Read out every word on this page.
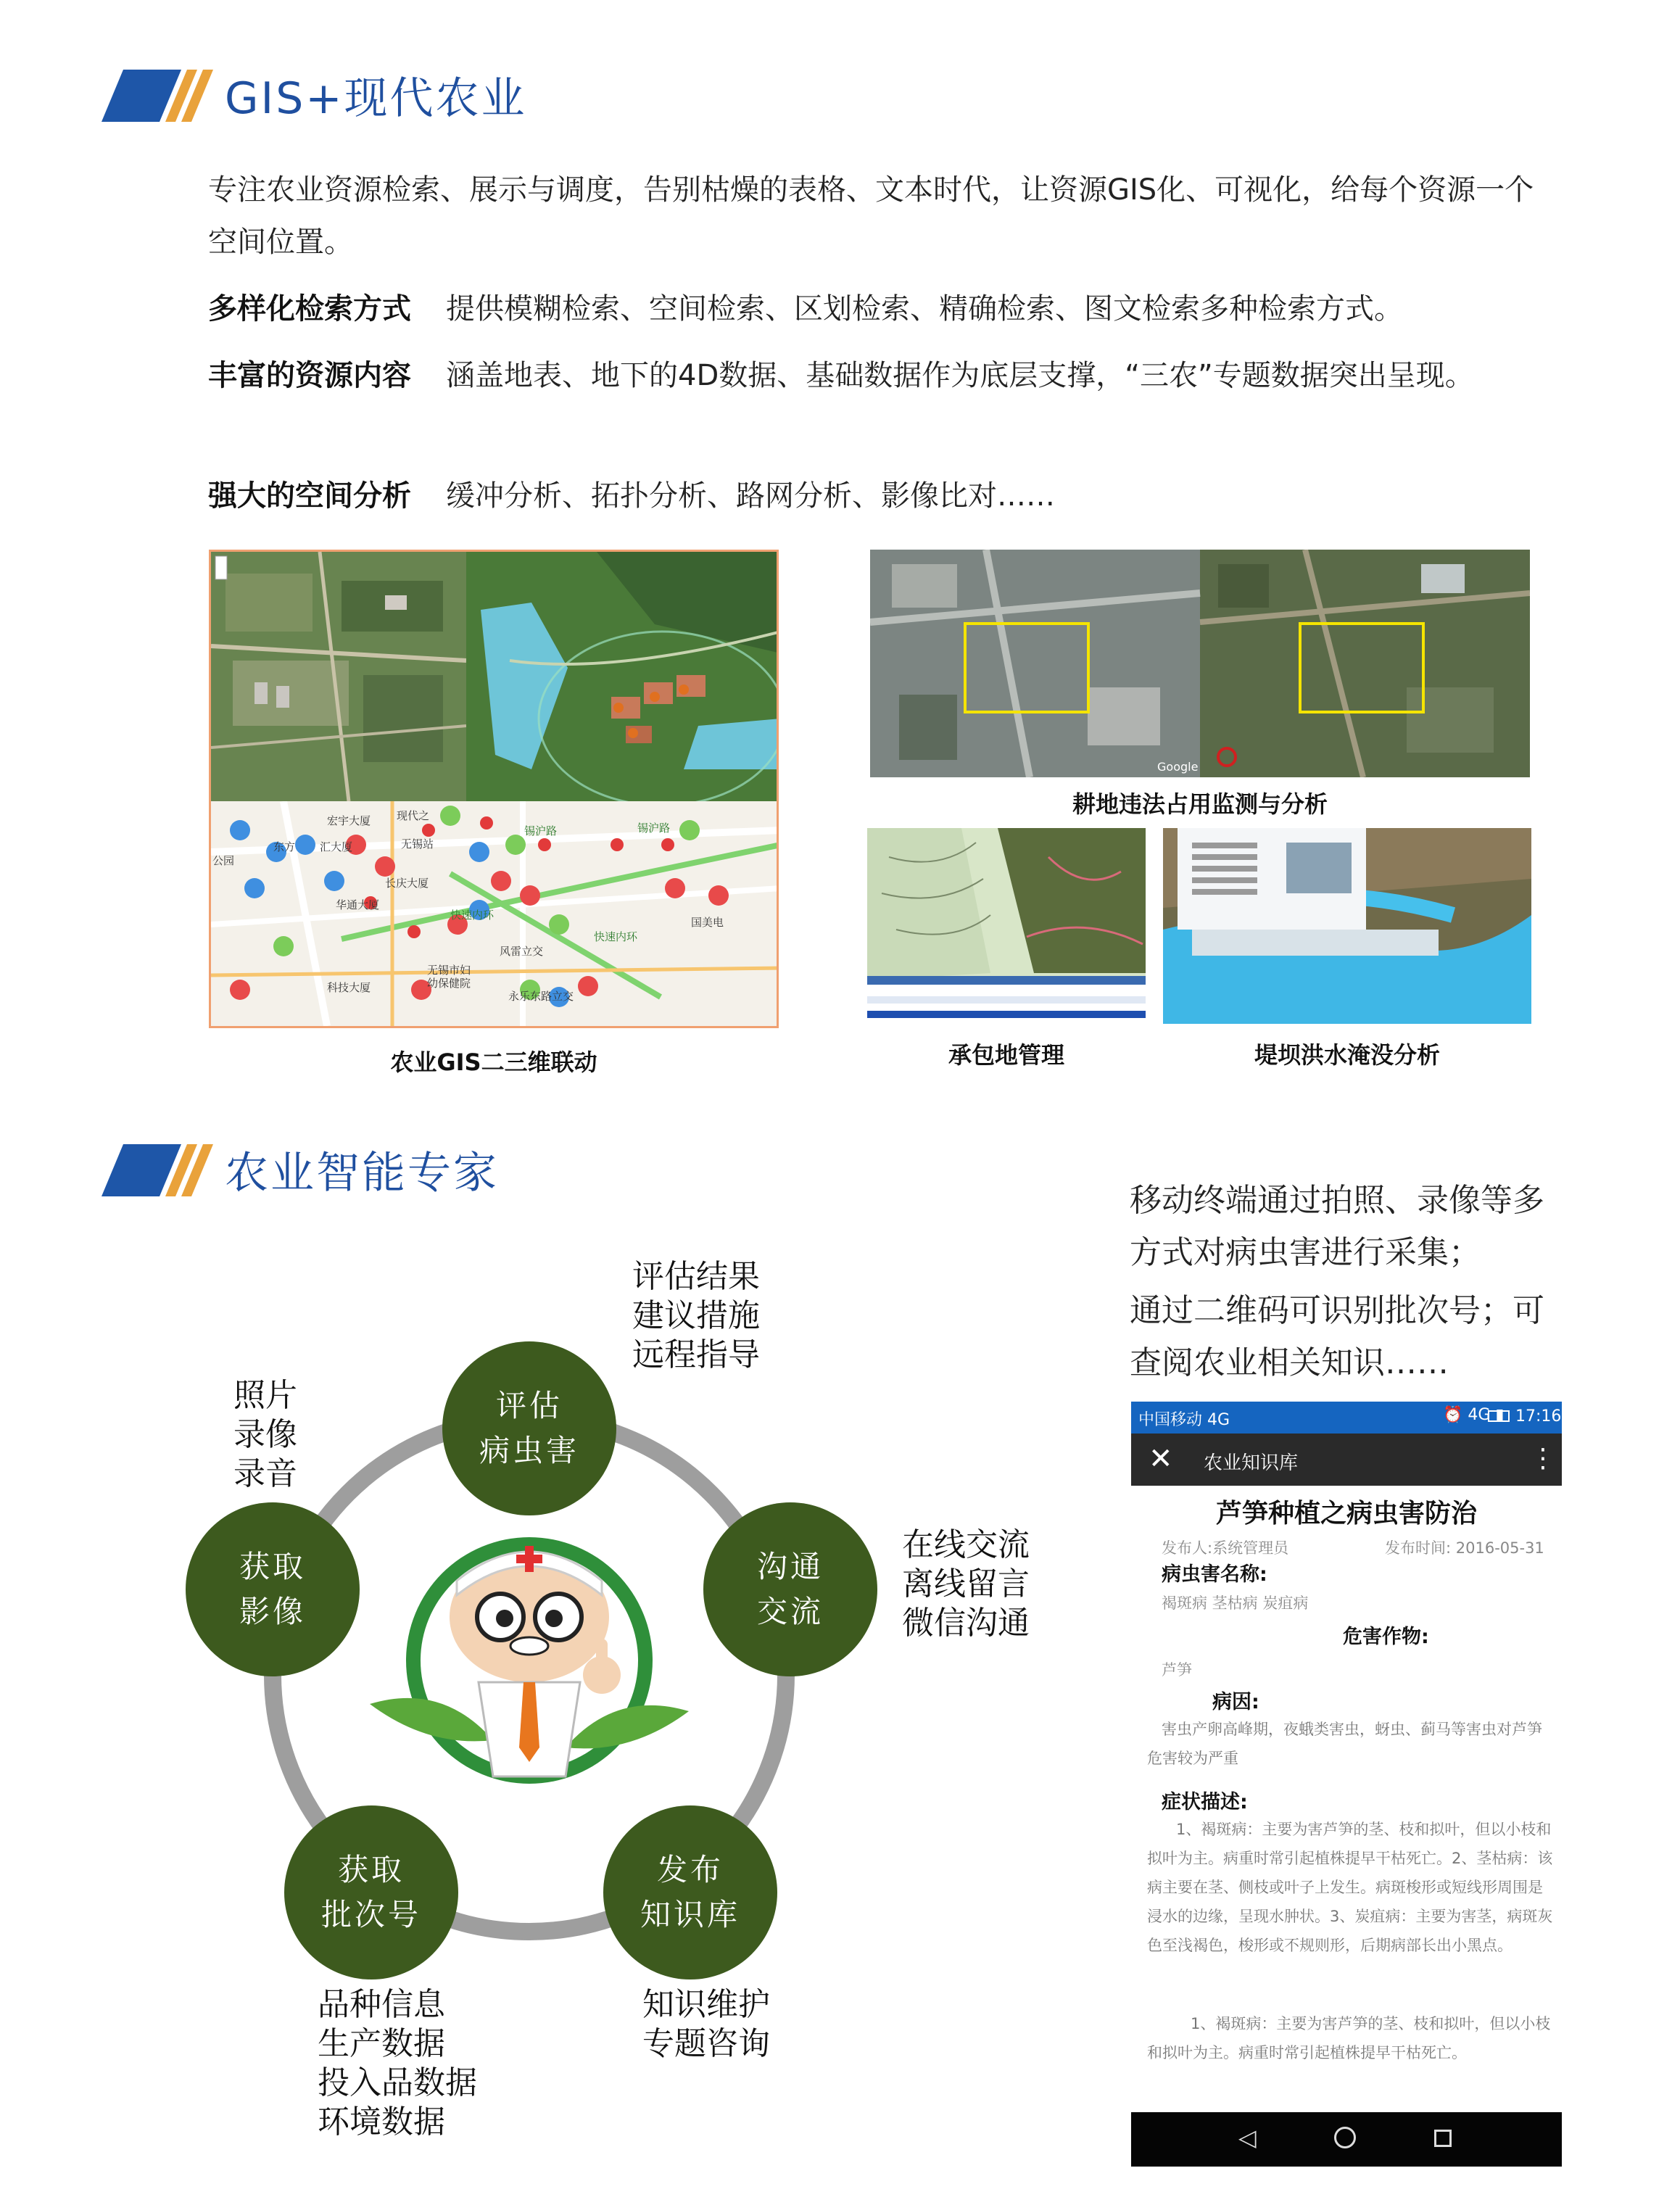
GIS+现代农业
专注农业资源检索、展示与调度，告别枯燥的表格、文本时代，让资源GIS化、可视化，给每个资源一个空间位置。
多样化检索方式 提供模糊检索、空间检索、区划检索、精确检索、图文检索多种检索方式。
丰富的资源内容 涵盖地表、地下的4D数据、基础数据作为底层支撑，“三农”专题数据突出呈现。
强大的空间分析 缓冲分析、拓扑分析、路网分析、影像比对……
宏宇大厦 现代之
东方 汇大厦	无锡站
公园
长庆大厦
华通大厦
风雷立交
国美电
无锡市妇
幼保健院
科技大厦
永乐东路立交
锡沪路	锡沪路
快速内环
快速内环
农业GIS二三维联动
Google
耕地违法占用监测与分析
承包地管理	堤坝洪水淹没分析
农业智能专家
评估
病虫害
沟通
交流
发布
知识库
获取
批次号
获取
影像
评估结果
建议措施
远程指导
在线交流
离线留言
微信沟通
知识维护
专题咨询
品种信息
生产数据
投入品数据
环境数据
照片
录像
录音
移动终端通过拍照、录像等多方式对病虫害进行采集；
通过二维码可识别批次号；可查阅农业相关知识……
中国移动 4G	⏰ 4G ▮ 17:16
✕ 农业知识库	⋮
芦笋种植之病虫害防治
发布人:系统管理员	发布时间: 2016-05-31
病虫害名称:
褐斑病 茎枯病 炭疽病
危害作物:
芦笋
病因:
害虫产卵高峰期，夜蛾类害虫，蚜虫、蓟马等害虫对芦笋危害较为严重
症状描述:
1、褐斑病：主要为害芦笋的茎、枝和拟叶，但以小枝和拟叶为主。病重时常引起植株提早干枯死亡。2、茎枯病：该病主要在茎、侧枝或叶子上发生。病斑梭形或短线形周围是浸水的边缘，呈现水肿状。3、炭疽病：主要为害茎，病斑灰色至浅褐色，梭形或不规则形，后期病部长出小黑点。
1、褐斑病：主要为害芦笋的茎、枝和拟叶，但以小枝和拟叶为主。病重时常引起植株提早干枯死亡。
◁
